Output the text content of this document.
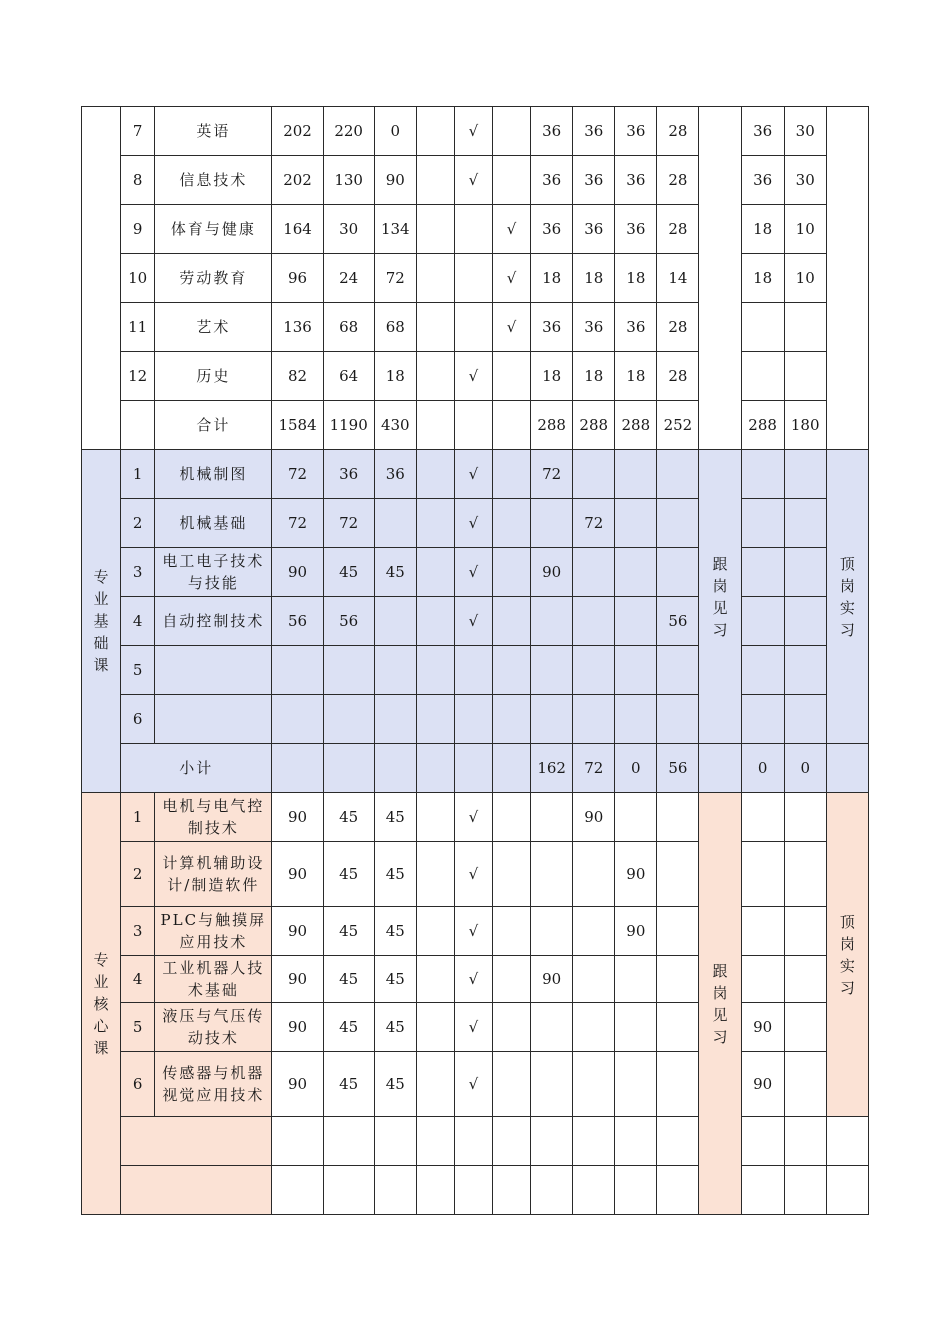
	7	英语	202	220	0		√		36	36	36	28		36	30	
	8	信息技术	202	130	90		√		36	36	36	28		36	30	
	9	体育与健康	164	30	134			√	36	36	36	28		18	10	
	10	劳动教育	96	24	72			√	18	18	18	14		18	10	
	11	艺术	136	68	68			√	36	36	36	28				
	12	历史	82	64	18		√		18	18	18	28				
		合计	1584	1190	430				288	288	288	252		288	180	
专业基础课	1	机械制图	72	36	36		√		72				跟岗见习			顶岗实习
	2	机械基础	72	72			√			72						
	3	电工电子技术与技能	90	45	45		√		90							
	4	自动控制技术	56	56			√					56				
	5															
	6															
	小计								162	72	0	56		0	0	
专业核心课	1	电机与电气控制技术	90	45	45		√			90			跟岗见习			顶岗实习
	2	计算机辅助设计/制造软件	90	45	45		√				90					
	3	PLC与触摸屏应用技术	90	45	45		√				90					
	4	工业机器人技术基础	90	45	45		√		90							
	5	液压与气压传动技术	90	45	45		√							90		
	6	传感器与机器视觉应用技术	90	45	45		√							90		
